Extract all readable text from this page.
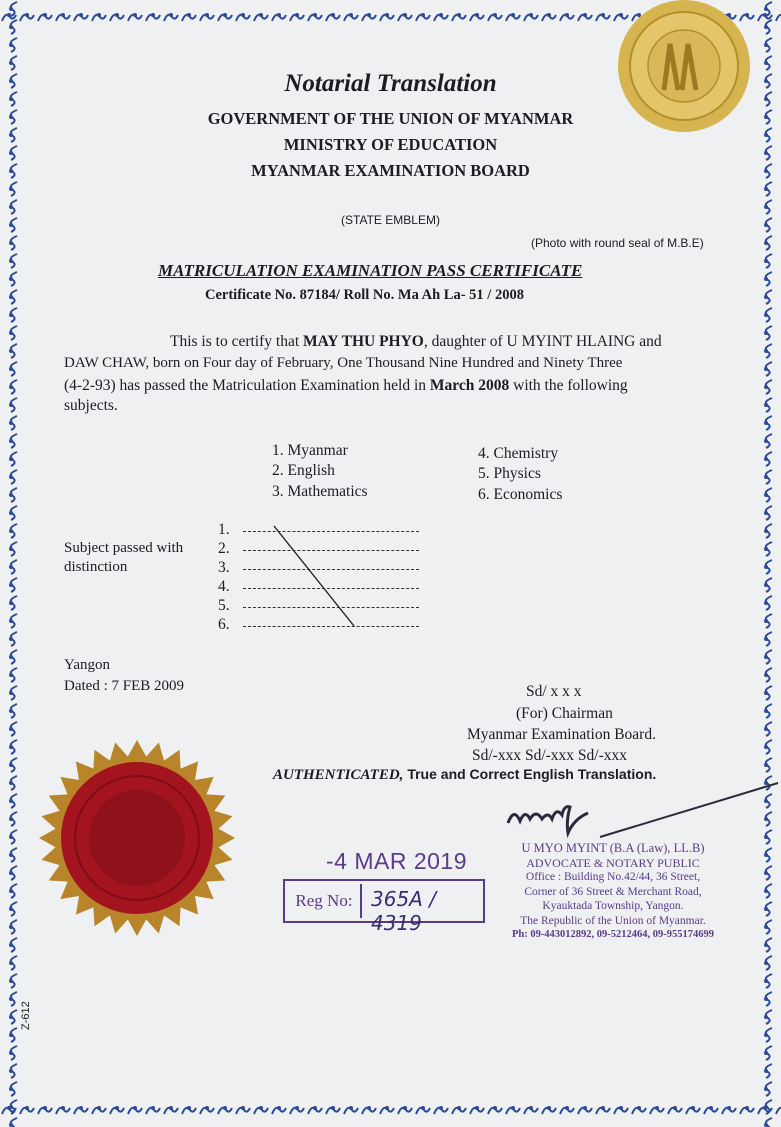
Notarial Translation

GOVERNMENT OF THE UNION OF MYANMAR

MINISTRY OF EDUCATION

MYANMAR EXAMINATION BOARD

(STATE EMBLEM)

(Photo with round seal of M.B.E)

MATRICULATION EXAMINATION PASS CERTIFICATE

Certificate No. 87184/ Roll No. Ma Ah La- 51 / 2008

This is to certify that MAY THU PHYO, daughter of U MYINT HLAING and

DAW CHAW, born on Four day of February, One Thousand Nine Hundred and Ninety Three

(4-2-93) has passed the Matriculation Examination held in March 2008 with the following

subjects.

1. Myanmar

2. English

3. Mathematics

4. Chemistry

5. Physics

6. Economics

Subject passed with

distinction

1.

2.

3.

4.

5.

6.

Yangon

Dated : 7 FEB 2009	Sd/ x x x

(For) Chairman

Myanmar Examination Board.

Sd/-xxx Sd/-xxx Sd/-xxx

AUTHENTICATED, True and Correct English Translation.

-4 MAR 2019

Reg No: 365A / 4319
U MYO MYINT (B.A (Law), LL.B)
ADVOCATE & NOTARY PUBLIC
Office : Building No.42/44, 36 Street,
Corner of 36 Street & Merchant Road,
Kyauktada Township, Yangon.
The Republic of the Union of Myanmar.
Ph: 09-443012892, 09-5212464, 09-955174699

Z-612
